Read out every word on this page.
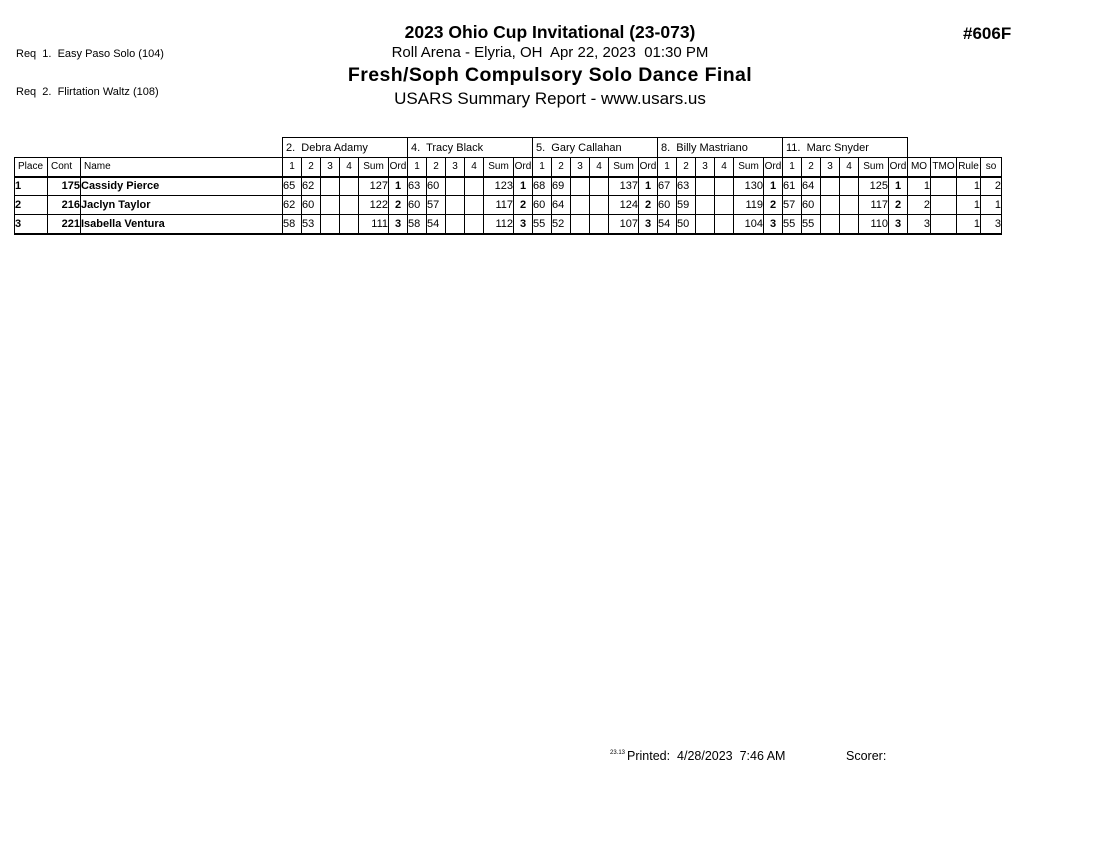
Req  1.  Easy Paso Solo (104)

Req  2.  Flirtation Waltz (108)

2023 Ohio Cup Invitational (23-073)
Roll Arena - Elyria, OH  Apr 22, 2023  01:30 PM
Fresh/Soph Compulsory Solo Dance Final
USARS Summary Report - www.usars.us
#606F
			2.  Debra Adamy						4.  Tracy Black						5.  Gary Callahan						8.  Billy Mastriano						11.  Marc Snyder									
Place	Cont	Name	1	2	3	4	Sum	Ord	1	2	3	4	Sum	Ord	1	2	3	4	Sum	Ord	1	2	3	4	Sum	Ord	1	2	3	4	Sum	Ord	MO	TMO	Rule	so
1	175	Cassidy Pierce	65	62			127	1	63	60			123	1	68	69			137	1	67	63			130	1	61	64			125	1	1		1	2
2	216	Jaclyn Taylor	62	60			122	2	60	57			117	2	60	64			124	2	60	59			119	2	57	60			117	2	2		1	1
3	221	Isabella Ventura	58	53			111	3	58	54			112	3	55	52			107	3	54	50			104	3	55	55			110	3	3		1	3
23.13 Printed:  4/28/2023  7:46 AM	Scorer:
